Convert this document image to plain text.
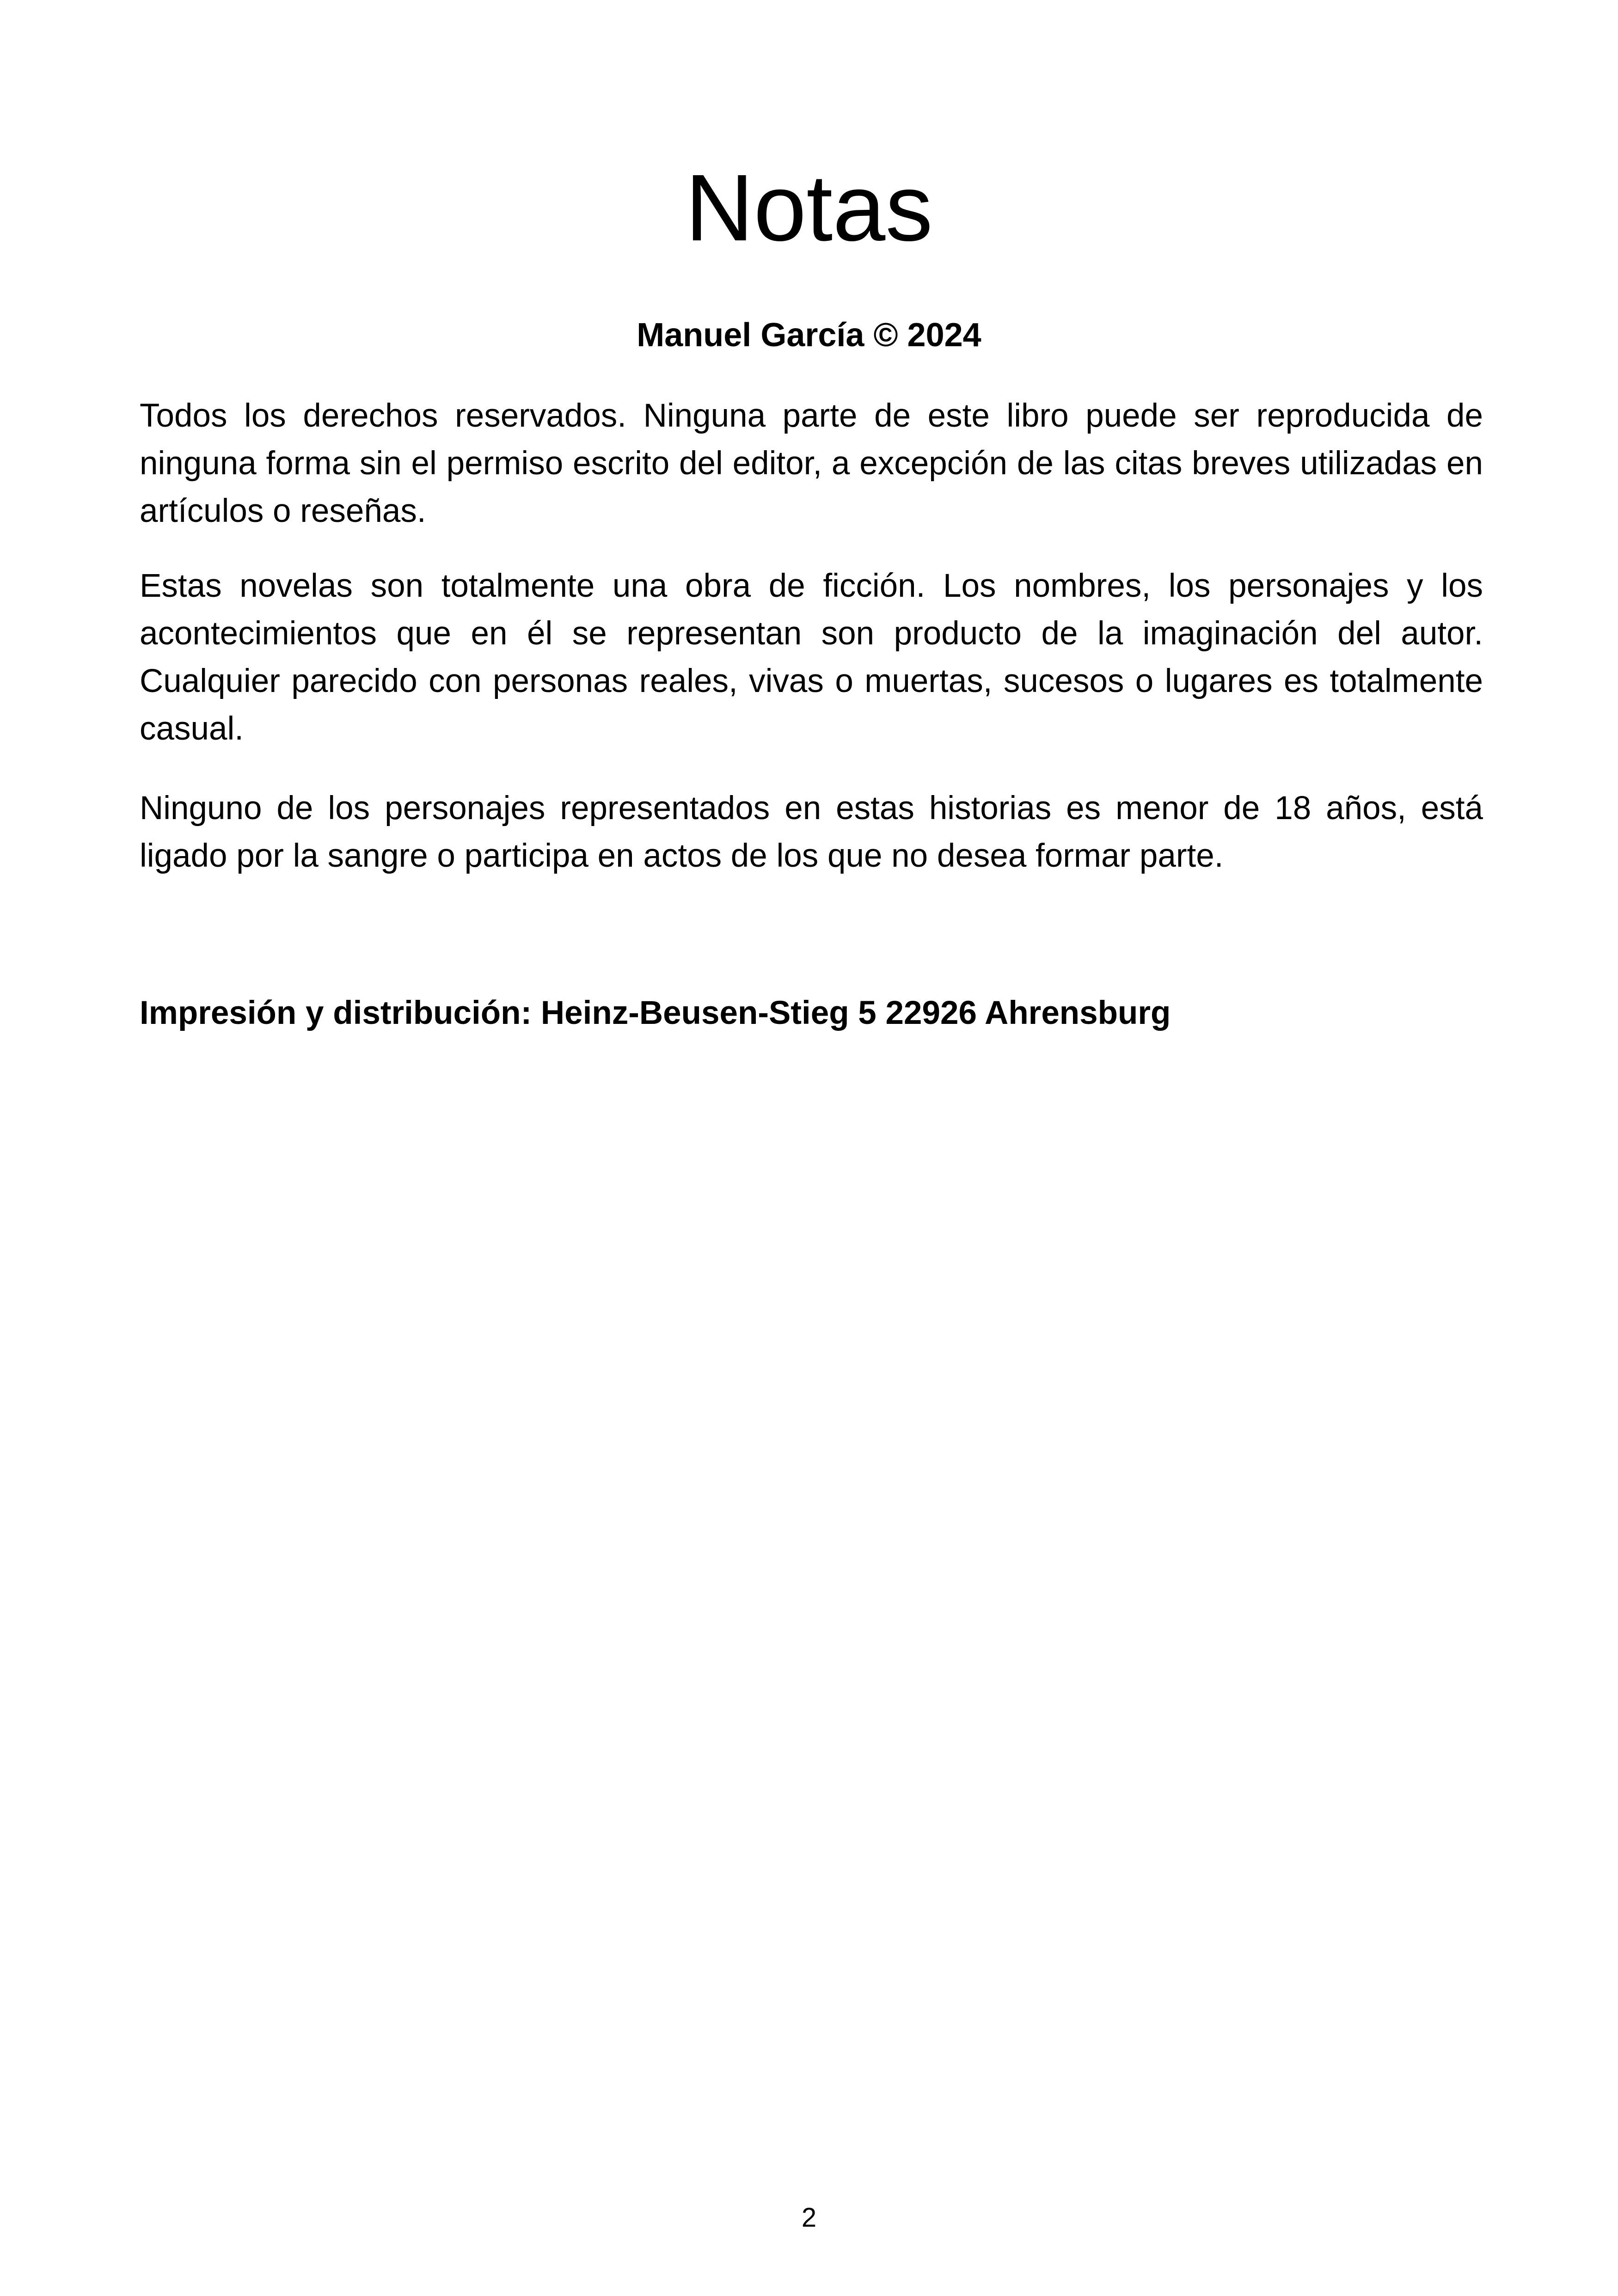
Notas

Manuel García © 2024

Todos los derechos reservados. Ninguna parte de este libro puede ser reproducida de ninguna forma sin el permiso escrito del editor, a excepción de las citas breves utilizadas en artículos o reseñas.

Estas novelas son totalmente una obra de ficción. Los nombres, los personajes y los acontecimientos que en él se representan son producto de la imaginación del autor. Cualquier parecido con personas reales, vivas o muertas, sucesos o lugares es totalmente casual.

Ninguno de los personajes representados en estas historias es menor de 18 años, está ligado por la sangre o participa en actos de los que no desea formar parte.

Impresión y distribución: Heinz-Beusen-Stieg 5 22926 Ahrensburg

2
